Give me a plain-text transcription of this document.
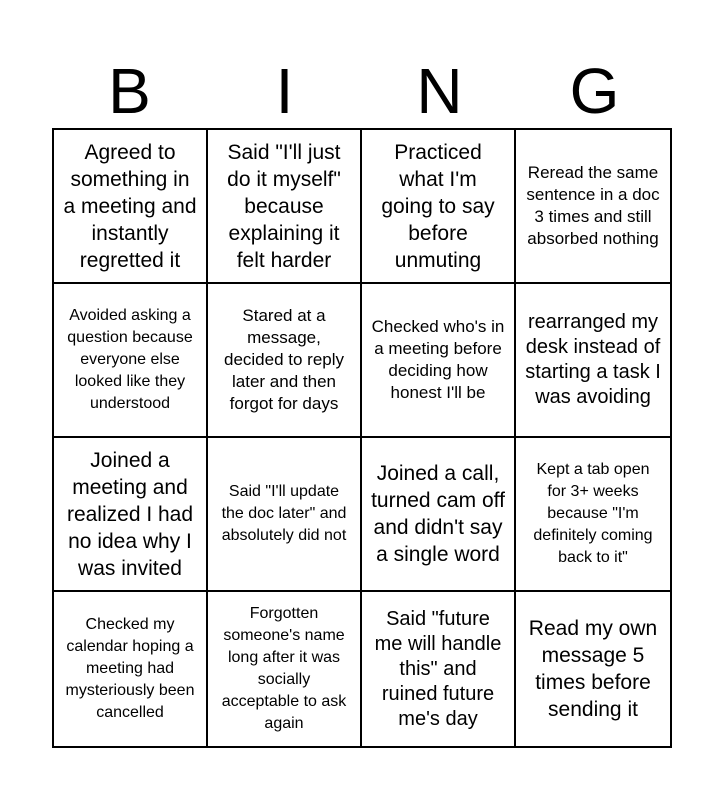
B	I	N	G
Agreed to something in a meeting and instantly regretted it
Said "I'll just do it myself" because explaining it felt harder
Practiced what I'm going to say before unmuting
Reread the same sentence in a doc 3 times and still absorbed nothing
Avoided asking a question because everyone else looked like they understood
Stared at a message, decided to reply later and then forgot for days
Checked who's in a meeting before deciding how honest I'll be
rearranged my desk instead of starting a task I was avoiding
Joined a meeting and realized I had no idea why I was invited
Said "I'll update the doc later" and absolutely did not
Joined a call, turned cam off and didn't say a single word
Kept a tab open for 3+ weeks because "I'm definitely coming back to it"
Checked my calendar hoping a meeting had mysteriously been cancelled
Forgotten someone's name long after it was socially acceptable to ask again
Said "future me will handle this" and ruined future me's day
Read my own message 5 times before sending it
